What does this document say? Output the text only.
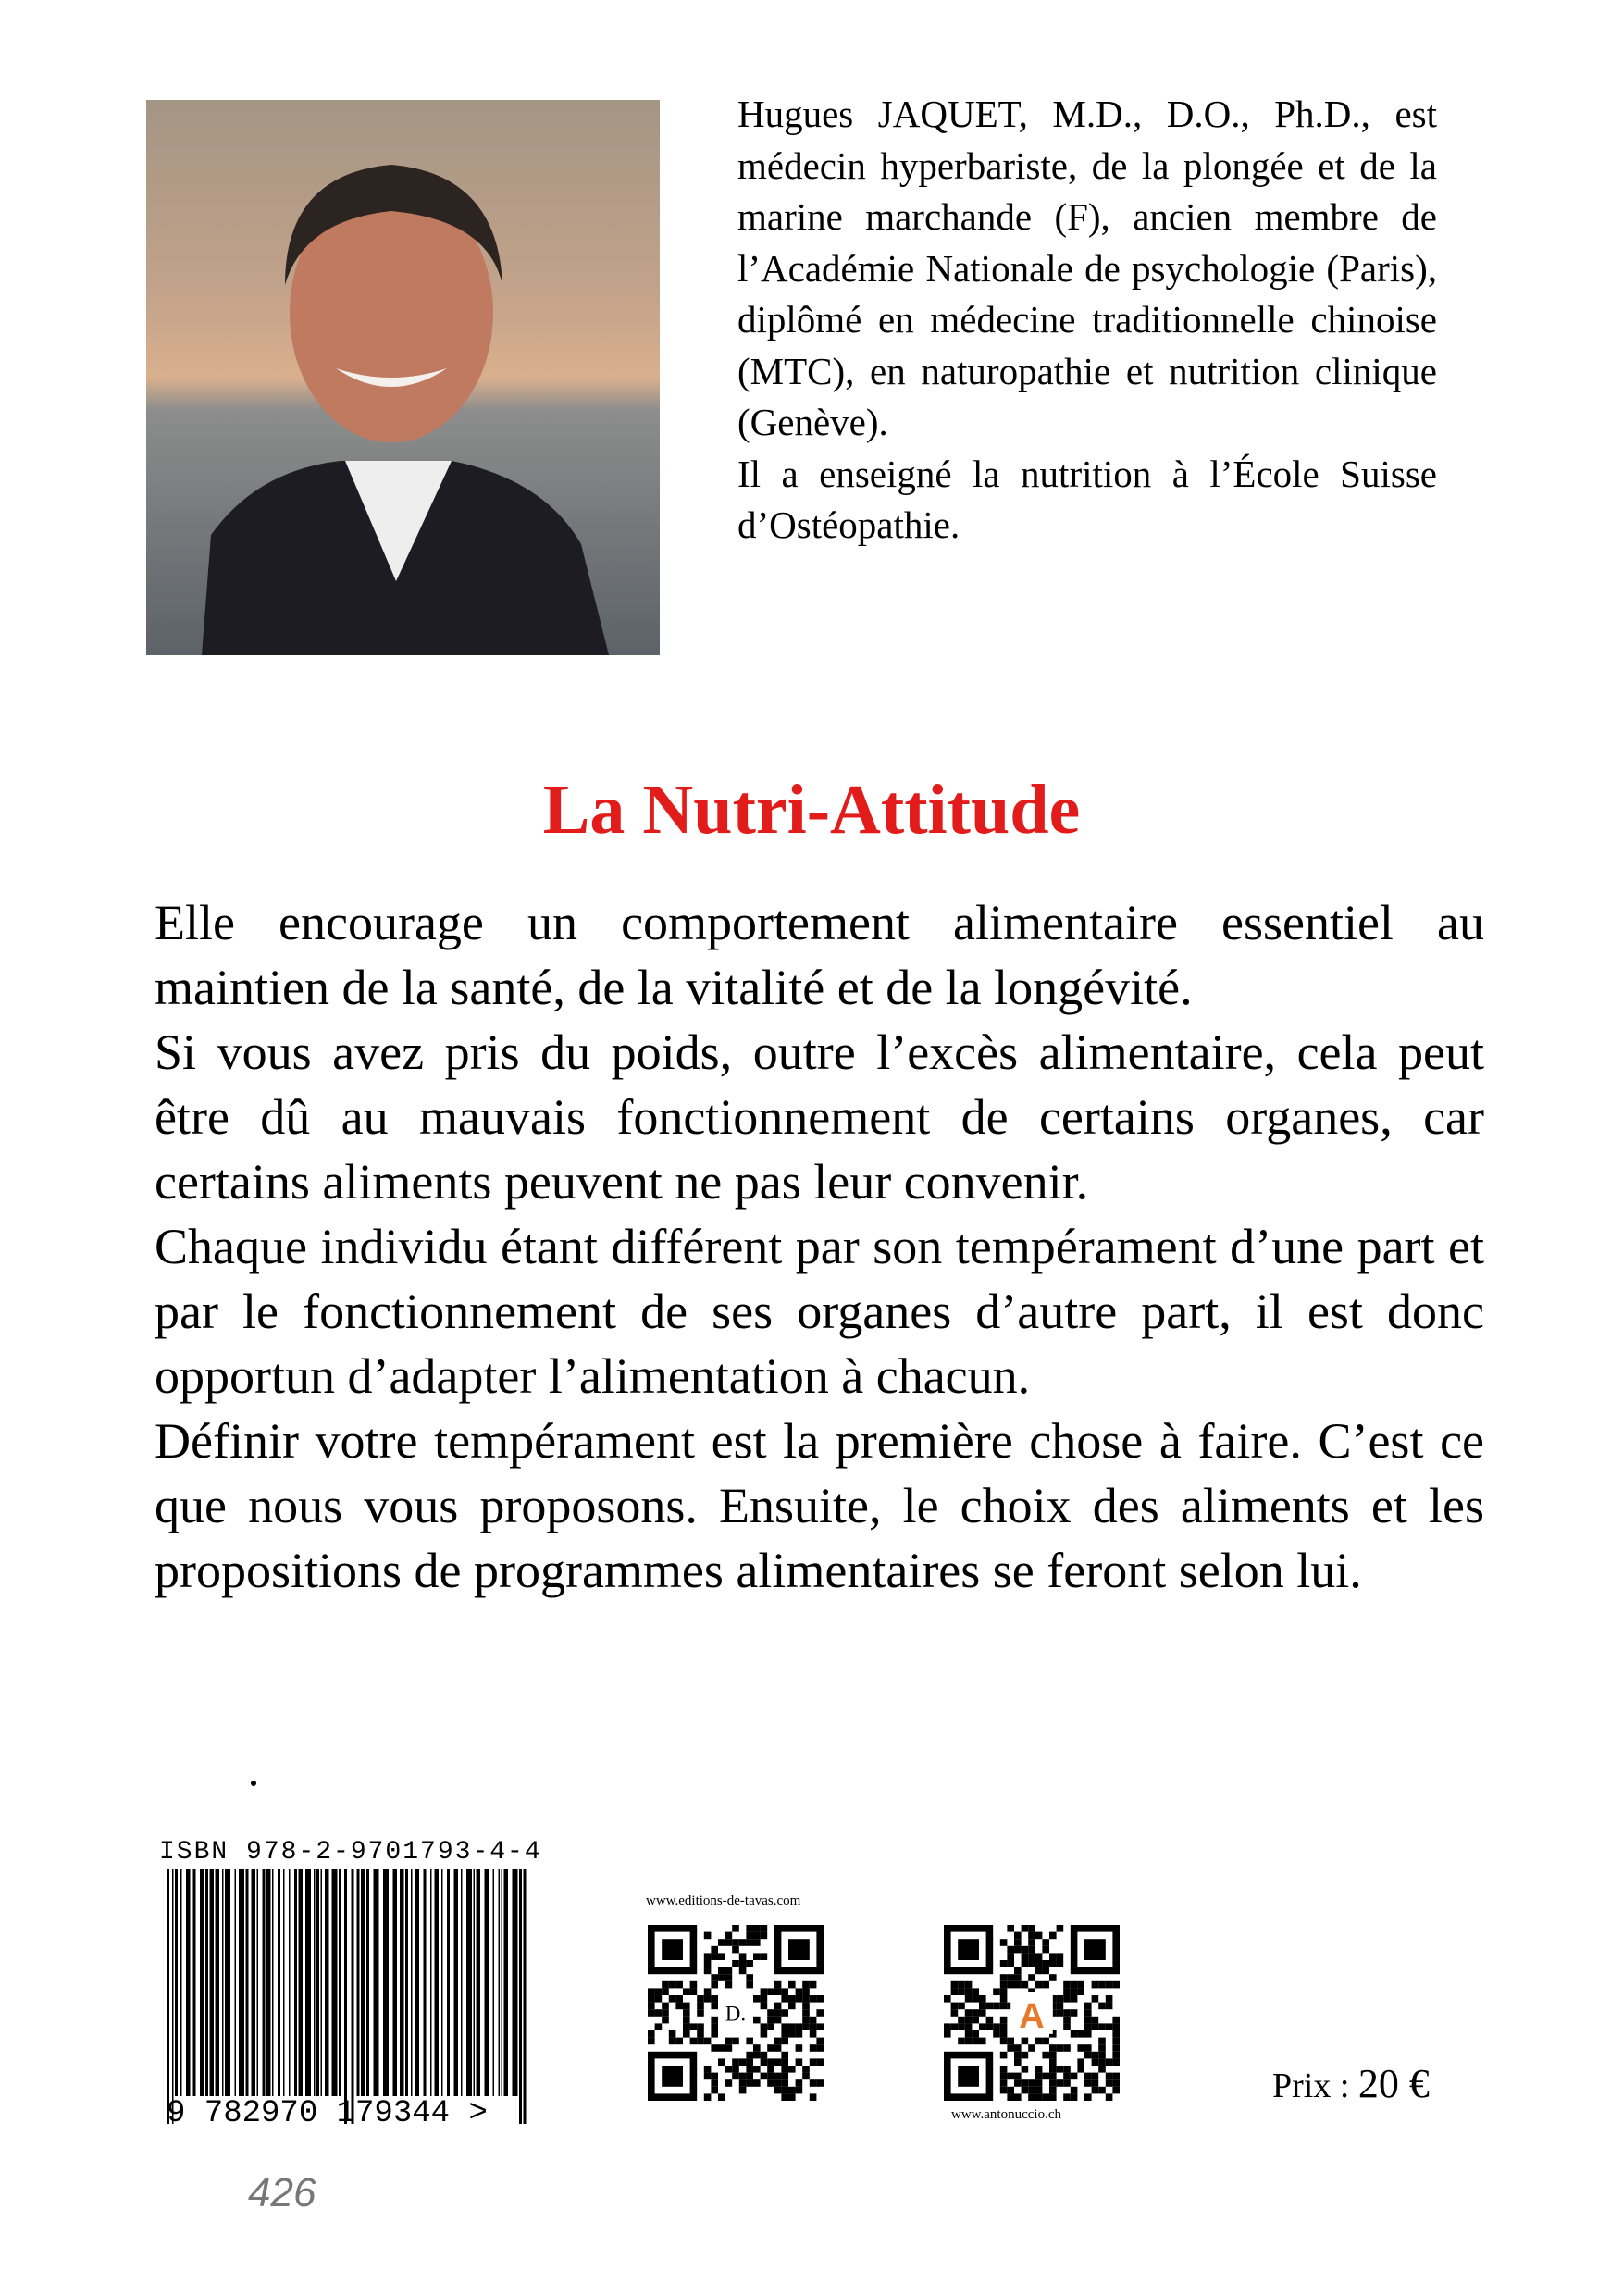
Hugues JAQUET, M.D., D.O., Ph.D., est médecin hyperbariste, de la plongée et de la marine marchande (F), ancien membre de l’Académie Nationale de psychologie (Paris), diplômé en médecine traditionnelle chinoise (MTC), en naturopathie et nutrition clinique (Genève).

Il a enseigné la nutrition à l’École Suisse d’Ostéopathie.

La Nutri-Attitude

Elle encourage un comportement alimentaire essentiel au maintien de la santé, de la vitalité et de la longévité.

Si vous avez pris du poids, outre l’excès alimentaire, cela peut être dû au mauvais fonctionnement de certains organes, car certains aliments peuvent ne pas leur convenir.

Chaque individu étant différent par son tempérament d’une part et par le fonctionnement de ses organes d’autre part, il est donc opportun d’adapter l’alimentation à chacun.

Définir votre tempérament est la première chose à faire. C’est ce que nous vous proposons. Ensuite, le choix des aliments et les propositions de programmes alimentaires se feront selon lui.

ISBN 978-2-9701793-4-4
9 782970 179344 >
www.editions-de-tavas.com
D.	A
www.antonuccio.ch
Prix : 20 €
426
